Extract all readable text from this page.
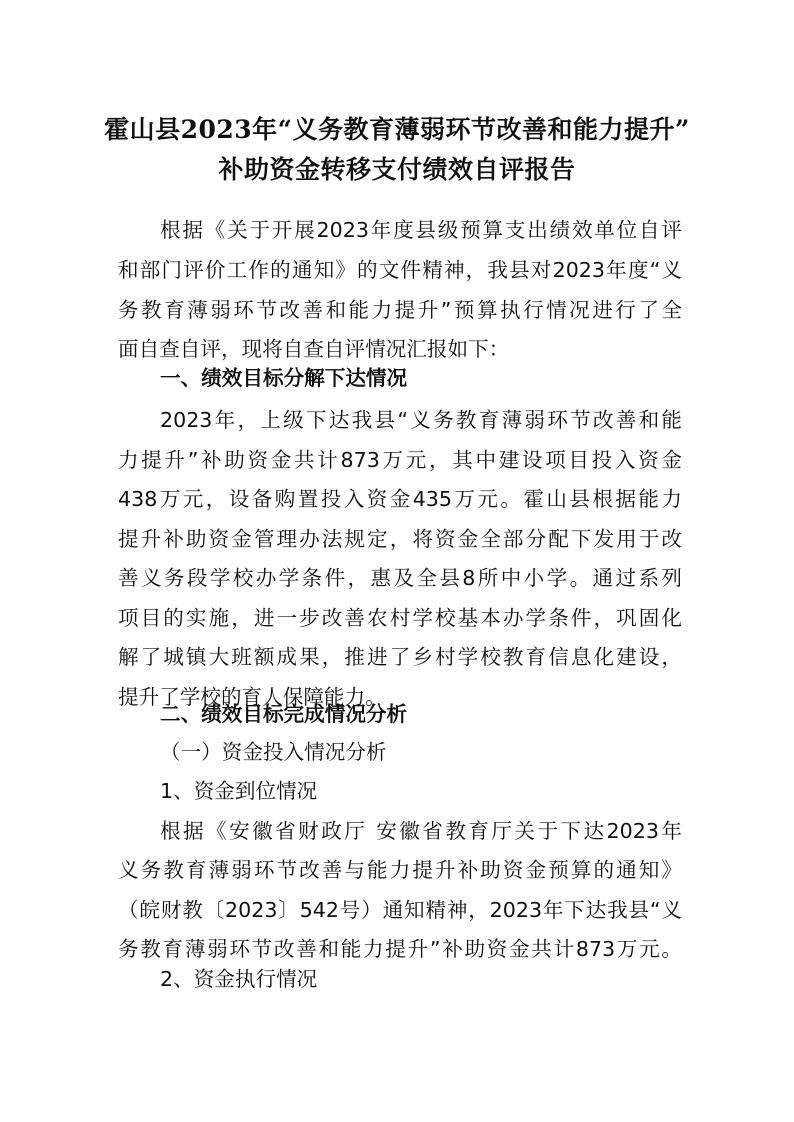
霍山县2023年“义务教育薄弱环节改善和能力提升”
补助资金转移支付绩效自评报告
根据《关于开展2023年度县级预算支出绩效单位自评
和部门评价工作的通知》的文件精神，我县对2023年度“义
务教育薄弱环节改善和能力提升”预算执行情况进行了全
面自查自评，现将自查自评情况汇报如下：
一、绩效目标分解下达情况
2023年，上级下达我县“义务教育薄弱环节改善和能
力提升”补助资金共计873万元，其中建设项目投入资金
438万元，设备购置投入资金435万元。霍山县根据能力
提升补助资金管理办法规定，将资金全部分配下发用于改
善义务段学校办学条件，惠及全县8所中小学。通过系列
项目的实施，进一步改善农村学校基本办学条件，巩固化
解了城镇大班额成果，推进了乡村学校教育信息化建设，
提升了学校的育人保障能力。
二、绩效目标完成情况分析
（一）资金投入情况分析
1、资金到位情况
根据《安徽省财政厅 安徽省教育厅关于下达2023年
义务教育薄弱环节改善与能力提升补助资金预算的通知》
（皖财教〔2023〕542号）通知精神，2023年下达我县“义
务教育薄弱环节改善和能力提升”补助资金共计873万元。
2、资金执行情况
